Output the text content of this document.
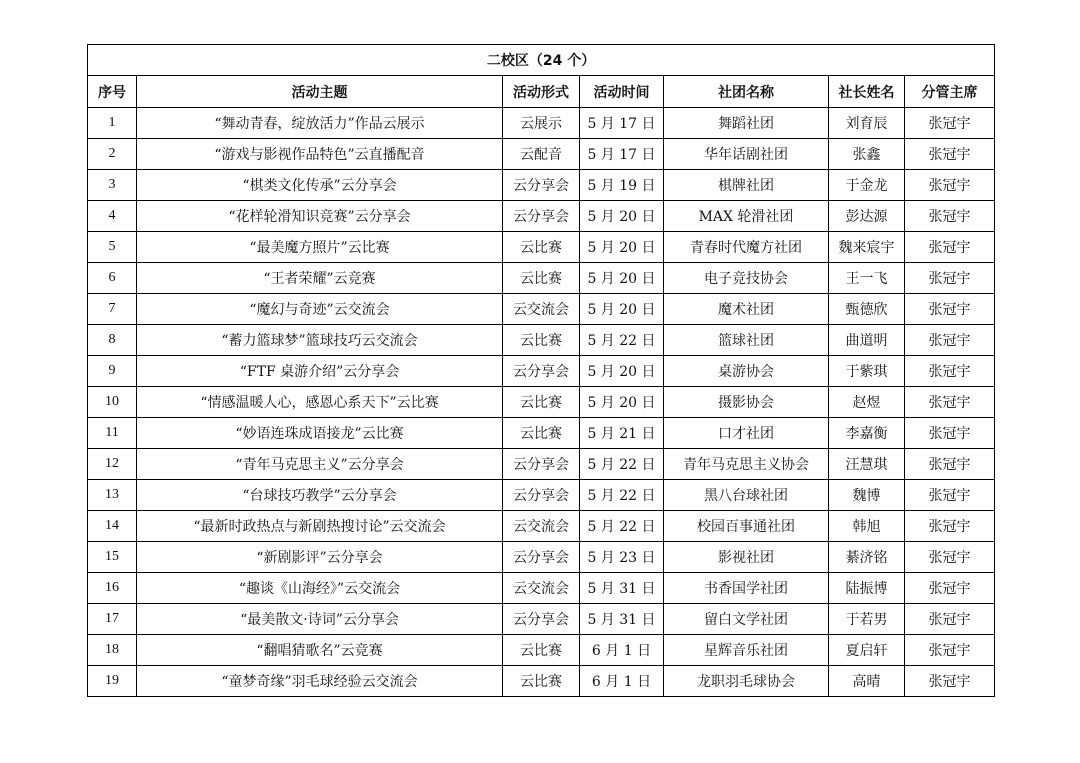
二校区（24 个）						
序号	活动主题	活动形式	活动时间	社团名称	社长姓名	分管主席
1	“舞动青春，绽放活力”作品云展示	云展示	5 月 17 日	舞蹈社团	刘育辰	张冠宇
2	“游戏与影视作品特色”云直播配音	云配音	5 月 17 日	华年话剧社团	张鑫	张冠宇
3	“棋类文化传承”云分享会	云分享会	5 月 19 日	棋牌社团	于金龙	张冠宇
4	“花样轮滑知识竞赛”云分享会	云分享会	5 月 20 日	MAX 轮滑社团	彭达源	张冠宇
5	“最美魔方照片”云比赛	云比赛	5 月 20 日	青春时代魔方社团	魏来宸宇	张冠宇
6	“王者荣耀”云竞赛	云比赛	5 月 20 日	电子竞技协会	王一飞	张冠宇
7	“魔幻与奇迹”云交流会	云交流会	5 月 20 日	魔术社团	甄德欣	张冠宇
8	“蓄力篮球梦”篮球技巧云交流会	云比赛	5 月 22 日	篮球社团	曲道明	张冠宇
9	“FTF 桌游介绍”云分享会	云分享会	5 月 20 日	桌游协会	于紫琪	张冠宇
10	“情感温暖人心，感恩心系天下”云比赛	云比赛	5 月 20 日	摄影协会	赵煜	张冠宇
11	“妙语连珠成语接龙”云比赛	云比赛	5 月 21 日	口才社团	李嘉衡	张冠宇
12	“青年马克思主义”云分享会	云分享会	5 月 22 日	青年马克思主义协会	汪慧琪	张冠宇
13	“台球技巧教学”云分享会	云分享会	5 月 22 日	黑八台球社团	魏博	张冠宇
14	“最新时政热点与新剧热搜讨论”云交流会	云交流会	5 月 22 日	校园百事通社团	韩旭	张冠宇
15	“新剧影评”云分享会	云分享会	5 月 23 日	影视社团	綦济铭	张冠宇
16	“趣谈《山海经》”云交流会	云交流会	5 月 31 日	书香国学社团	陆振博	张冠宇
17	“最美散文·诗词”云分享会	云分享会	5 月 31 日	留白文学社团	于若男	张冠宇
18	“翻唱猜歌名”云竞赛	云比赛	6 月 1 日	星辉音乐社团	夏启轩	张冠宇
19	“童梦奇缘”羽毛球经验云交流会	云比赛	6 月 1 日	龙职羽毛球协会	高晴	张冠宇
